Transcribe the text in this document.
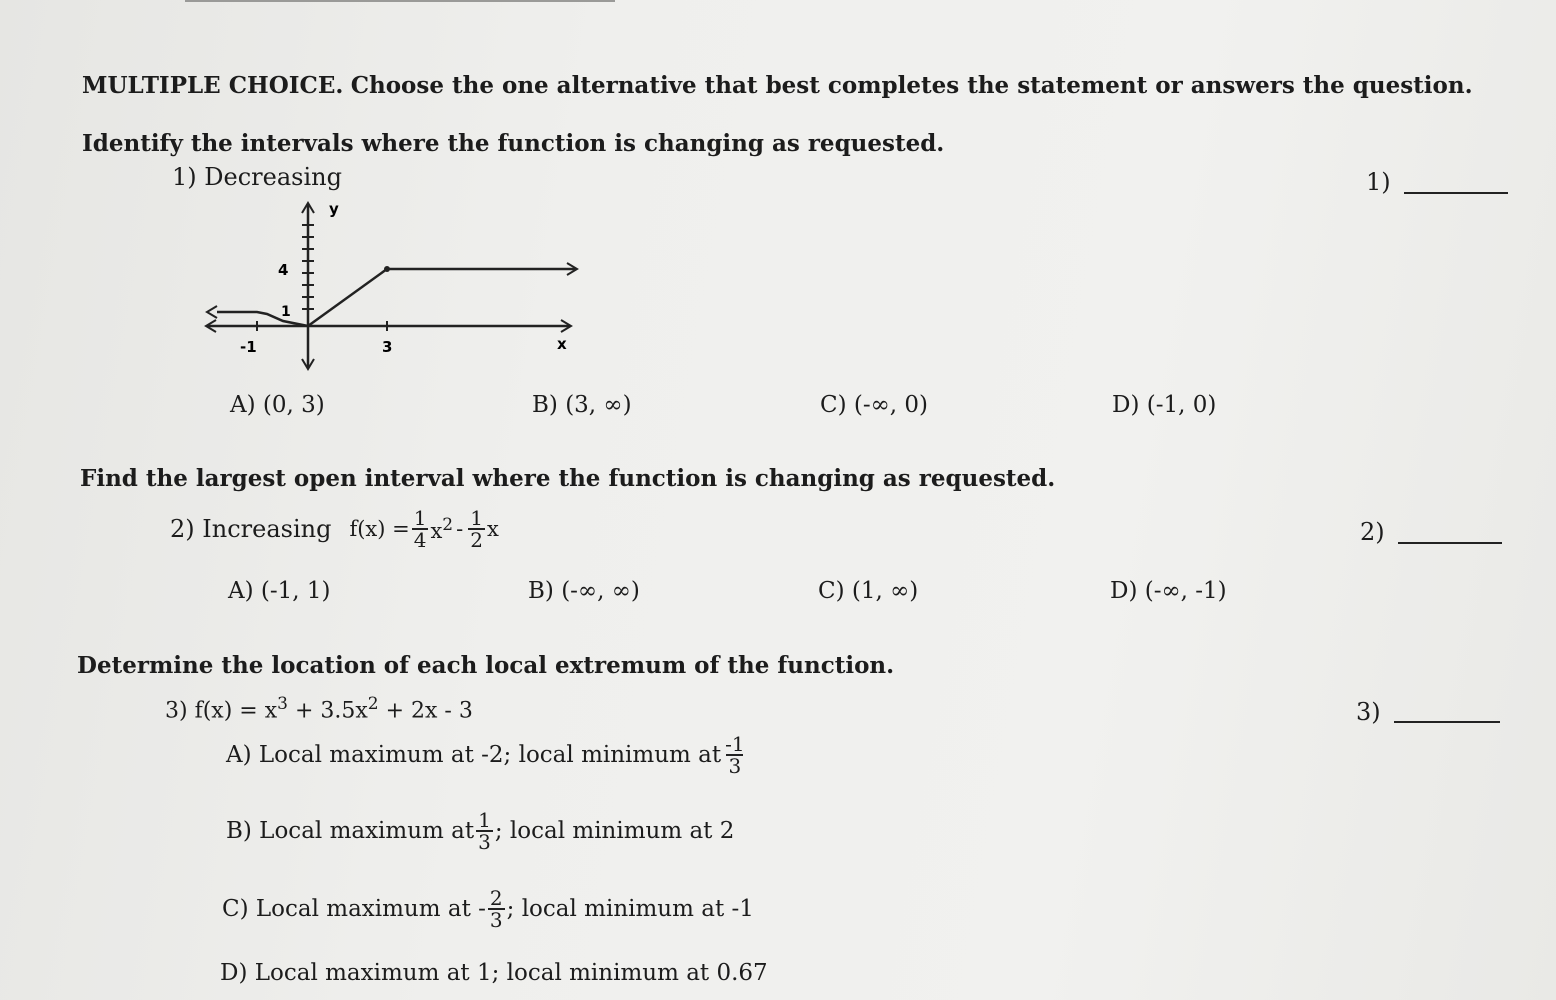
MULTIPLE CHOICE. Choose the one alternative that best completes the statement or answers the question.
Identify the intervals where the function is changing as requested.
1) Decreasing	1)
y
x
-1	3
4
1
A) (0, 3)	B) (3, ∞)	C) (-∞, 0)	D) (-1, 0)
Find the largest open interval where the function is changing as requested.
2) Increasing $f(x) = \frac{1}{4} x^2 - \frac{1}{2}$ x	2)
A) (-1, 1)	B) (-∞, ∞)	C) (1, ∞)	D) (-∞, -1)
Determine the location of each local extremum of the function.
3) $f(x) = x^3 + 3.5x^2 + 2x - 3$	3)
A) Local maximum at -2; local minimum at $\frac{-1}{3}$
B) Local maximum at $\frac{1}{3}$ ; local minimum at 2
C) Local maximum at - $\frac{2}{3}$ ; local minimum at -1
D) Local maximum at 1; local minimum at 0.67
